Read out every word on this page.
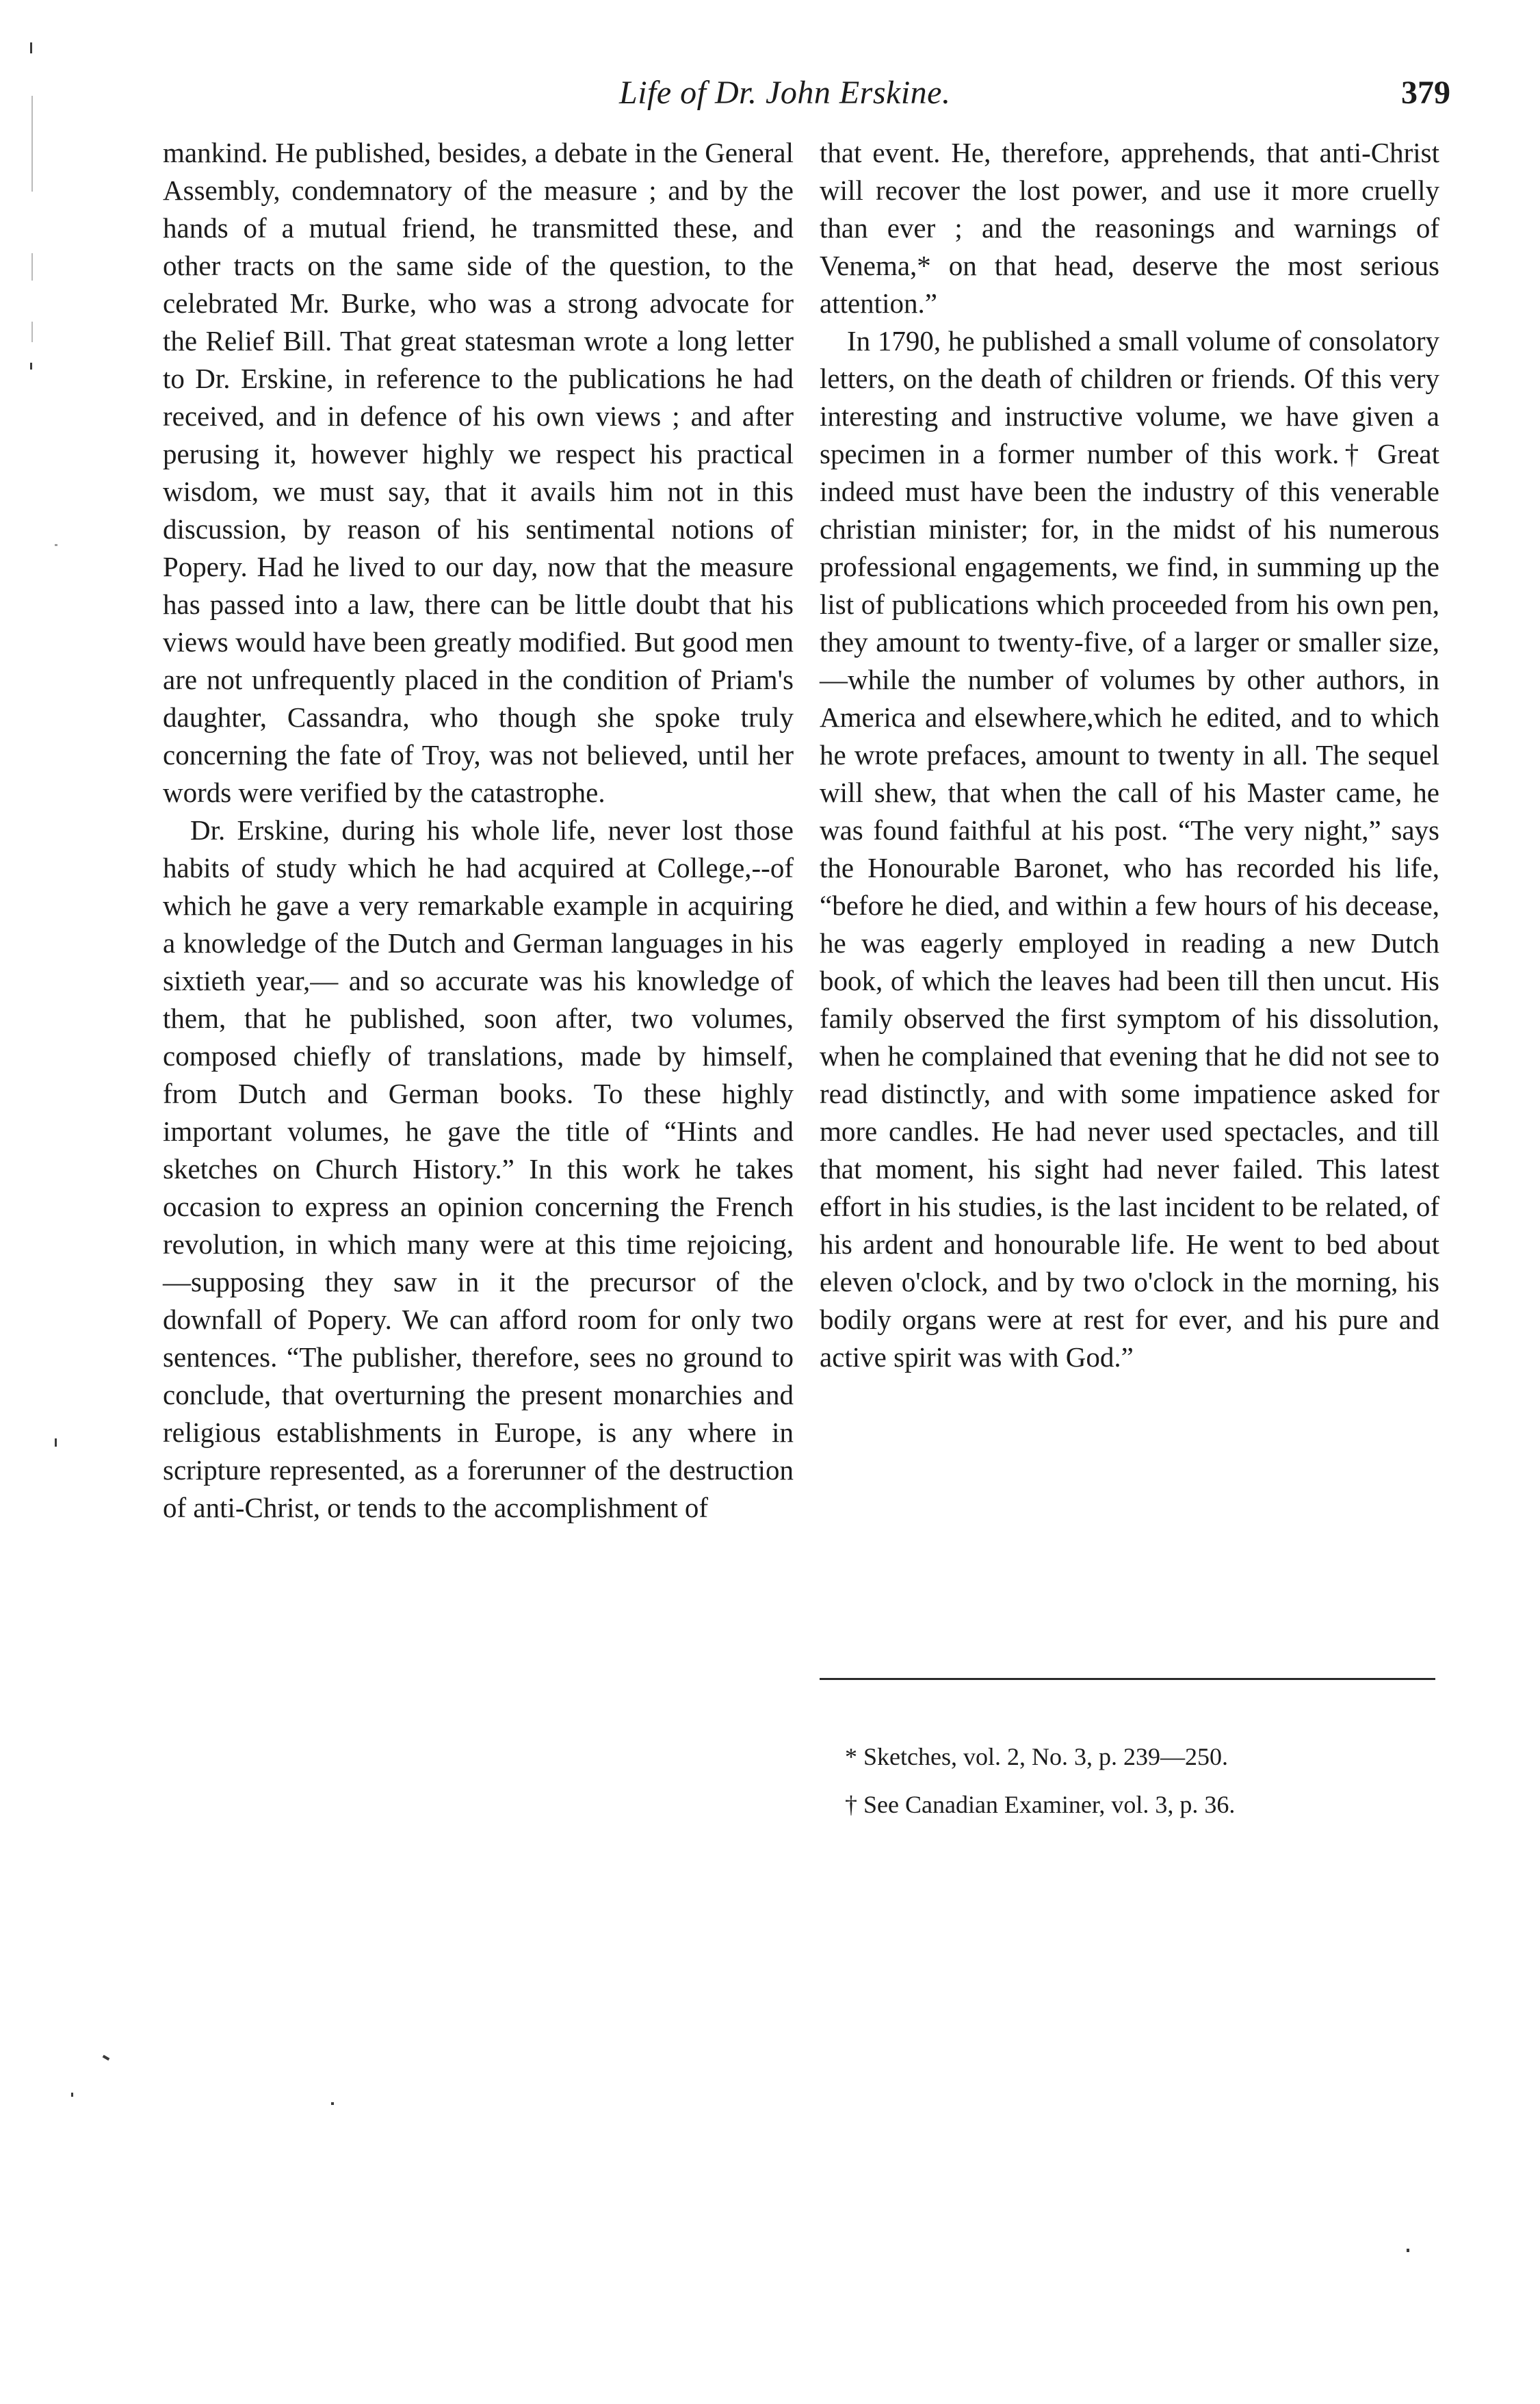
Life of Dr. John Erskine.	379

mankind. He published, besides, a debate in the General Assembly, condemnatory of the measure ; and by the hands of a mutual friend, he transmitted these, and other tracts on the same side of the question, to the celebrated Mr. Burke, who was a strong advocate for the Relief Bill. That great statesman wrote a long letter to Dr. Erskine, in reference to the publications he had received, and in defence of his own views ; and after perusing it, however highly we respect his practical wisdom, we must say, that it avails him not in this discussion, by reason of his sentimental notions of Popery. Had he lived to our day, now that the measure has passed into a law, there can be little doubt that his views would have been greatly modified. But good men are not unfrequently placed in the condition of Priam's daughter, Cassandra, who though she spoke truly concerning the fate of Troy, was not believed, until her words were verified by the catastrophe.

Dr. Erskine, during his whole life, never lost those habits of study which he had acquired at College,--of which he gave a very remarkable example in acquiring a knowledge of the Dutch and German languages in his sixtieth year,— and so accurate was his knowledge of them, that he published, soon after, two volumes, composed chiefly of translations, made by himself, from Dutch and German books. To these highly important volumes, he gave the title of “Hints and sketches on Church History.” In this work he takes occasion to express an opinion concerning the French revolution, in which many were at this time rejoicing,—supposing they saw in it the precursor of the downfall of Popery. We can afford room for only two sentences. “The publisher, therefore, sees no ground to conclude, that overturning the present monarchies and religious establishments in Europe, is any where in scripture represented, as a forerunner of the destruction of anti-Christ, or tends to the accomplishment of

that event. He, therefore, apprehends, that anti-Christ will recover the lost power, and use it more cruelly than ever ; and the reasonings and warnings of Venema,* on that head, deserve the most serious attention.”

In 1790, he published a small volume of consolatory letters, on the death of children or friends. Of this very interesting and instructive volume, we have given a specimen in a former number of this work.† Great indeed must have been the industry of this venerable christian minister; for, in the midst of his numerous professional engagements, we find, in summing up the list of publications which proceeded from his own pen, they amount to twenty-five, of a larger or smaller size,—while the number of volumes by other authors, in America and elsewhere,which he edited, and to which he wrote prefaces, amount to twenty in all. The sequel will shew, that when the call of his Master came, he was found faithful at his post. “The very night,” says the Honourable Baronet, who has recorded his life, “before he died, and within a few hours of his decease, he was eagerly employed in reading a new Dutch book, of which the leaves had been till then uncut. His family observed the first symptom of his dissolution, when he complained that evening that he did not see to read distinctly, and with some impatience asked for more candles. He had never used spectacles, and till that moment, his sight had never failed. This latest effort in his studies, is the last incident to be related, of his ardent and honourable life. He went to bed about eleven o'clock, and by two o'clock in the morning, his bodily organs were at rest for ever, and his pure and active spirit was with God.”

* Sketches, vol. 2, No. 3, p. 239—250.

† See Canadian Examiner, vol. 3, p. 36.
